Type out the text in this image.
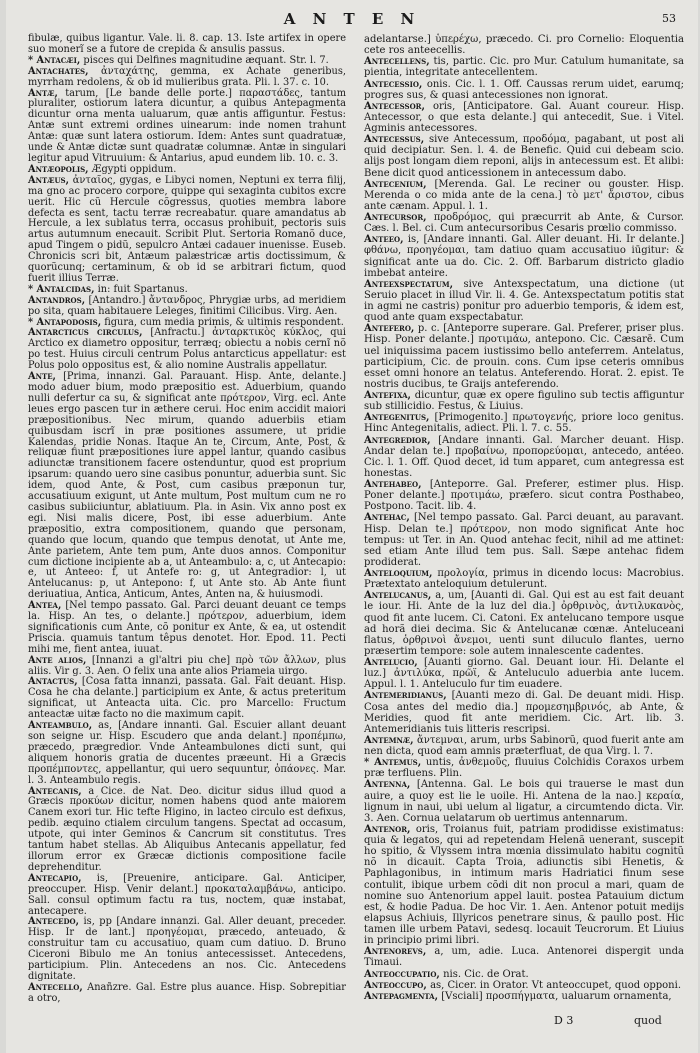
A N T E N	53

fibulæ, quibus ligantur. Vale. li. 8. cap. 13. Iste artifex in opere suo monerĩ se a futore de crepida & ansulis passus.

* Antacæi, pisces qui Delfines magnitudine æquant. Str. l. 7.

Antachates, ἀνταχάτης, gemma, ex Achate generibus, myrrham redolens, & ob id mulieribus grata. Pli. l. 37. c. 10.

Antæ, tarum, [Le bande delle porte.] παραστάδες, tantum pluraliter, ostiorum latera dicuntur, a quibus Antepagmenta dicuntur orna menta ualuarum, quæ antis affiguntur. Festus: Antæ sunt extremi ordines uinearum: inde nomen trahunt Antæ: quæ sunt latera ostiorum. Idem: Antes sunt quadratuæ, unde & Antæ dictæ sunt quadratæ columnæ. Antæ in singulari legitur apud Vitruuium: & Antarius, apud eundem lib. 10. c. 3.

Antæopolis, Ægypti oppidum.

Antæus, ἀνταῖος, gygas, e Libyci nomen, Neptuni ex terra filij, ma gno ac procero corpore, quippe qui sexaginta cubitos excre uerit. Hic cũ Hercule cõgressus, quoties membra labore defecta es sent, tactu terræ recreabatur. quare amandatus ab Hercule, a lex sublatus terra, occasus prohibuit, pectoris suis artus autumnum enecauit. Scribit Plut. Sertoria Romanõ duce, apud Tingem o pidũ, sepulcro Antæi cadauer inuenisse. Euseb. Chronicis scri bit, Antæum palæstricæ artis doctissimum, & quorũcunq; certaminum, & ob id se arbitrari fictum, quod fuerit illius Terræ.

* Antalcidas, in: fuit Spartanus.

Antandros, [Antandro.] ἄντανδρος, Phrygiæ urbs, ad meridiem po sita, quam habitauere Leleges, finitimi Cilicibus. Virg. Aen.

* Antapodosis, figura, cum media primis, & ultimis respondent.

Antarcticus circulus, [Anfractu.] ἀνταρκτικὸς κύκλος, qui Arctico ex diametro oppositur, terræq; obiectu a nobis cernĩ nõ po test. Huius circuli centrum Polus antarcticus appellatur: est Polus polo oppositus est, & alio nomine Australis appellatur.

Ante, [Prima, innanzi. Gal. Parauant. Hisp. Ante, delante.] modo aduer bium, modo præpositio est. Aduerbium, quando nulli defertur ca su, & significat ante πρότερον, Virg. ecl. Ante leues ergo pascen tur in æthere cerui. Hoc enim accidit maiori præpositionibus. Nec mirum, quando aduerbiis etiam quibusdam iscrĩ in præ positiones assumere, ut pridie Kalendas, pridie Nonas. Itaque An te, Circum, Ante, Post, & reliquæ fiunt præpositiones iure appel lantur, quando casibus adiunctæ transitionem facere ostenduntur, quod est proprium ipsarum: quando uero sine casibus ponuntur, aduerbia sunt. Sic idem, quod Ante, & Post, cum casibus præponun tur, accusatiuum exigunt, ut Ante multum, Post multum cum ne ro casibus subiiciuntur, ablatiuum. Pla. in Asin. Vix anno post ex egi. Nisi malis dicere, Post, ibi esse aduerbium. Ante præpositio, extra compositionem, quando que personam, quando que locum, quando que tempus denotat, ut Ante me, Ante parietem, Ante tem pum, Ante duos annos. Componitur cum dictione incipiente ab a, ut Anteambulo: a, c, ut Antecapio: e, ut Anteeo: f, ut Antefe ro: g, ut Antegradior: l, ut Antelucanus: p, ut Antepono: f, ut Ante sto. Ab Ante fiunt deriuatiua, Antica, Anticum, Antes, Anten na, & huiusmodi.

Antea, [Nel tempo passato. Gal. Parci deuant deuant ce temps la. Hisp. An tes, o delante.] πρότερον, aduerbium, idem significationis cum Ante, cõ ponitur ex Ante, & ea, ut ostendit Priscia. quamuis tantum têpus denotet. Hor. Epod. 11. Pecti mihi me, fient antea, iuuat.

Ante alios, [Innanzi a gl'altri piu che] πρὸ τῶν ἄλλων, plus aliis. Vir g. 3. Aen. O felix una ante alios Priameia uirgo.

Antactus, [Cosa fatta innanzi, passata. Gal. Fait deuant. Hisp. Cosa he cha delante.] participium ex Ante, & actus preteritum significat, ut Anteacta uita. Cic. pro Marcello: Fructum anteactæ uitæ facto no die maximum capit.

Anteambulo, as, [Andare innanti. Gal. Escuier allant deuant son seigne ur. Hisp. Escudero que anda delant.] προπέμπω, præcedo, prægredior. Vnde Anteambulones dicti sunt, qui aliquem honoris gratia de ducentes præeunt. Hi a Græcis προπέμποντες, appellantur, qui uero sequuntur, ὀπάονες. Mar. l. 3. Anteambulo regis.

Antecanis, a Cice. de Nat. Deo. dicitur sidus illud quod a Græcis προκύων dicitur, nomen habens quod ante maiorem Canem exori tur. Hic tefte Higino, in lacteo circulo est defixus, pedib. æquino ctialem circulum tangens. Spectat ad occasum, utpote, qui inter Geminos & Cancrum sit constitutus. Tres tantum habet stellas. Ab Aliquibus Antecanis appellatur, fed illorum error ex Græcæ dictionis compositione facile deprehenditur.

Antecapio, is, [Preuenire, anticipare. Gal. Anticiper, preoccuper. Hisp. Venir delant.] προκαταλαμβάνω, anticipo. Sall. consul optimum factu ra tus, noctem, quæ instabat, antecapere.

Antecedo, is, pp [Andare innanzi. Gal. Aller deuant, preceder. Hisp. Ir de lant.] προηγέομαι, præcedo, anteuado, & construitur tam cu accusatiuo, quam cum datiuo. D. Bruno Ciceroni Bibulo me An tonius antecessisset. Antecedens, participium. Plin. Antecedens an nos. Cic. Antecedens dignitate.

Antecello, Anañzre. Gal. Estre plus auance. Hisp. Sobrepitiar a otro,

adelantarse.] ὑπερέχω, præcedo. Ci. pro Cornelio: Eloquentia cete ros anteecellis.

Antecellens, tis, partic. Cic. pro Mur. Catulum humanitate, sa pientia, integritate antecellentem.

Antecessio, onis. Cic. l. 1. Off. Caussas rerum uidet, earumq; progres sus, & quasi antecessiones non ignorat.

Antecessor, oris, [Anticipatore. Gal. Auant coureur. Hisp. Antecessor, o que esta delante.] qui antecedit, Sue. i Vitel. Agminis antecessores.

Antecessus, sive Antecessum, προδόμα, pagabant, ut post ali quid decipiatur. Sen. l. 4. de Benefic. Quid cui debeam scio. alijs post longam diem reponi, alijs in antecessum est. Et alibi: Bene dicit quod anticessionem in antecessum dabo.

Antecenium, [Merenda. Gal. Le reciner ou gouster. Hisp. Merenda o co mida ante de la cena.] τὸ μετ' ἄριστον, cibus ante cænam. Appul. l. 1.

Antecursor, προδρόμος, qui præcurrit ab Ante, & Cursor. Cæs. l. Bel. ci. Cum antecursoribus Cesaris prœlio commisso.

Anteeo, is, [Andare innanti. Gal. Aller deuant. Hi. Ir delante.] φθάνω, προηγέομαι, tam datiuo quam accusatiuo iūgitur: & significat ante ua do. Cic. 2. Off. Barbarum districto gladio imbebat anteire.

Anteexspectatum, sive Antexspectatum, una dictione (ut Seruio placet in illud Vir. li. 4. Ge. Antexspectatum potitis stat in agmi ne castris) ponitur pro aduerbio temporis, & idem est, quod ante quam exspectabatur.

Antefero, p. c. [Anteporre superare. Gal. Preferer, priser plus. Hisp. Poner delante.] προτιμάω, antepono. Cic. Cæsarē. Cum uel iniquissima pacem iustissimo bello anteferrem. Antelatus, participium, Cic. de prouin. cons. Cum ipse ceteris omnibus esset omni honore an telatus. Anteferendo. Horat. 2. epist. Te nostris ducibus, te Graijs anteferendo.

Antefixa, dicuntur, quæ ex opere figulino sub tectis affiguntur sub stillicidio. Festus, & Liuius.

Antegenitus, [Primogenito.] πρωτογενής, priore loco genitus. Hinc Antegenitalis, adiect. Pli. l. 7. c. 55.

Antegredior, [Andare innanti. Gal. Marcher deuant. Hisp. Andar delan te.] προβαίνω, προπορεύομαι, antecedo, antéeo. Cic. l. 1. Off. Quod decet, id tum apparet, cum antegressa est honestas.

Antehabeo, [Anteporre. Gal. Preferer, estimer plus. Hisp. Poner delante.] προτιμάω, præfero. sicut contra Posthabeo, Postpono. Tacit. lib. 4.

Antehac, [Nel tempo passato. Gal. Parci deuant, au paravant. Hisp. Delan te.] πρότερον, non modo significat Ante hoc tempus: ut Ter. in An. Quod antehac fecit, nihil ad me attinet: sed etiam Ante illud tem pus. Sall. Sæpe antehac fidem prodiderat.

Anteloquium, προλογία, primus in dicendo locus: Macrobius. Prætextato anteloquium detulerunt.

Antelucanus, a, um, [Auanti di. Gal. Qui est au est fait deuant le iour. Hi. Ante de la luz del dia.] ὀρθρινὸς, ἀντιλυκανὸς, quod fit ante lucem. Ci. Catoni. Ex antelucano tempore usque ad horã diei decima. Sic & Antelucanæ cœnæ. Anteluceani flatus, ὁρθρινοὶ ἄνεμοι, uenti sunt diluculo flantes, uerno præsertim tempore: sole autem innalescente cadentes.

Antelucio, [Auanti giorno. Gal. Deuant iour. Hi. Delante el luz.] ἀντιλύκα, πρῶϊ, & Anteluculo aduerbia ante lucem. Appul. l. 1. Anteluculo fur tim euadere.

Antemeridianus, [Auanti mezo di. Gal. De deuant midi. Hisp. Cosa antes del medio dia.] προμεσημβρινός, ab Ante, & Meridies, quod fit ante meridiem. Cic. Art. lib. 3. Antemeridianis tuis litteris rescripsi.

Antemnæ, ἄντεμναι, arum, urbs Sabinorũ, quod fuerit ante am nen dicta, quod eam amnis præterfluat, de qua Virg. l. 7.

* Antemus, untis, ἀνθεμοῦς, fluuius Colchidis Coraxos urbem præ terfluens. Plin.

Antenna, [Antenna. Gal. Le bois qui trauerse le mast dun auire, a quoy est lie le uoile. Hi. Antena de la nao.] κεραία, lignum in naui, ubi uelum al ligatur, a circumtendo dicta. Vir. 3. Aen. Cornua uelatarum ob uertimus antennarum.

Antenor, oris, Troianus fuit, patriam prodidisse existimatus: quia & legatos, qui ad repetendam Helenã uenerant, suscepit ho spitio, & Vlyssem intra mœnia dissimulato habitu cognitũ nõ in dicauit. Capta Troia, adiunctis sibi Henetis, & Paphlagonibus, in intimum maris Hadriatici finum sese contulit, ibique urbem cõdi dit non procul a mari, quam de nomine suo Antenorium appel lauit. postea Patauium dictum est, & hodie Padua. De hoc Vir. 1. Aen. Antenor potuit medijs elapsus Achiuis, Illyricos penetrare sinus, & paullo post. Hic tamen ille urbem Patavi, sedesq. locauit Teucrorum. Et Liuius in principio primi libri.

Antenorevs, a, um, adie. Luca. Antenorei dispergit unda Timaui.

Anteoccupatio, nis. Cic. de Orat.

Anteoccupo, as, Cicer. in Orator. Vt anteoccupet, quod opponi.

Antepagmenta, [Vsciali] προσπήγματα, ualuarum ornamenta,

D 3	quod
